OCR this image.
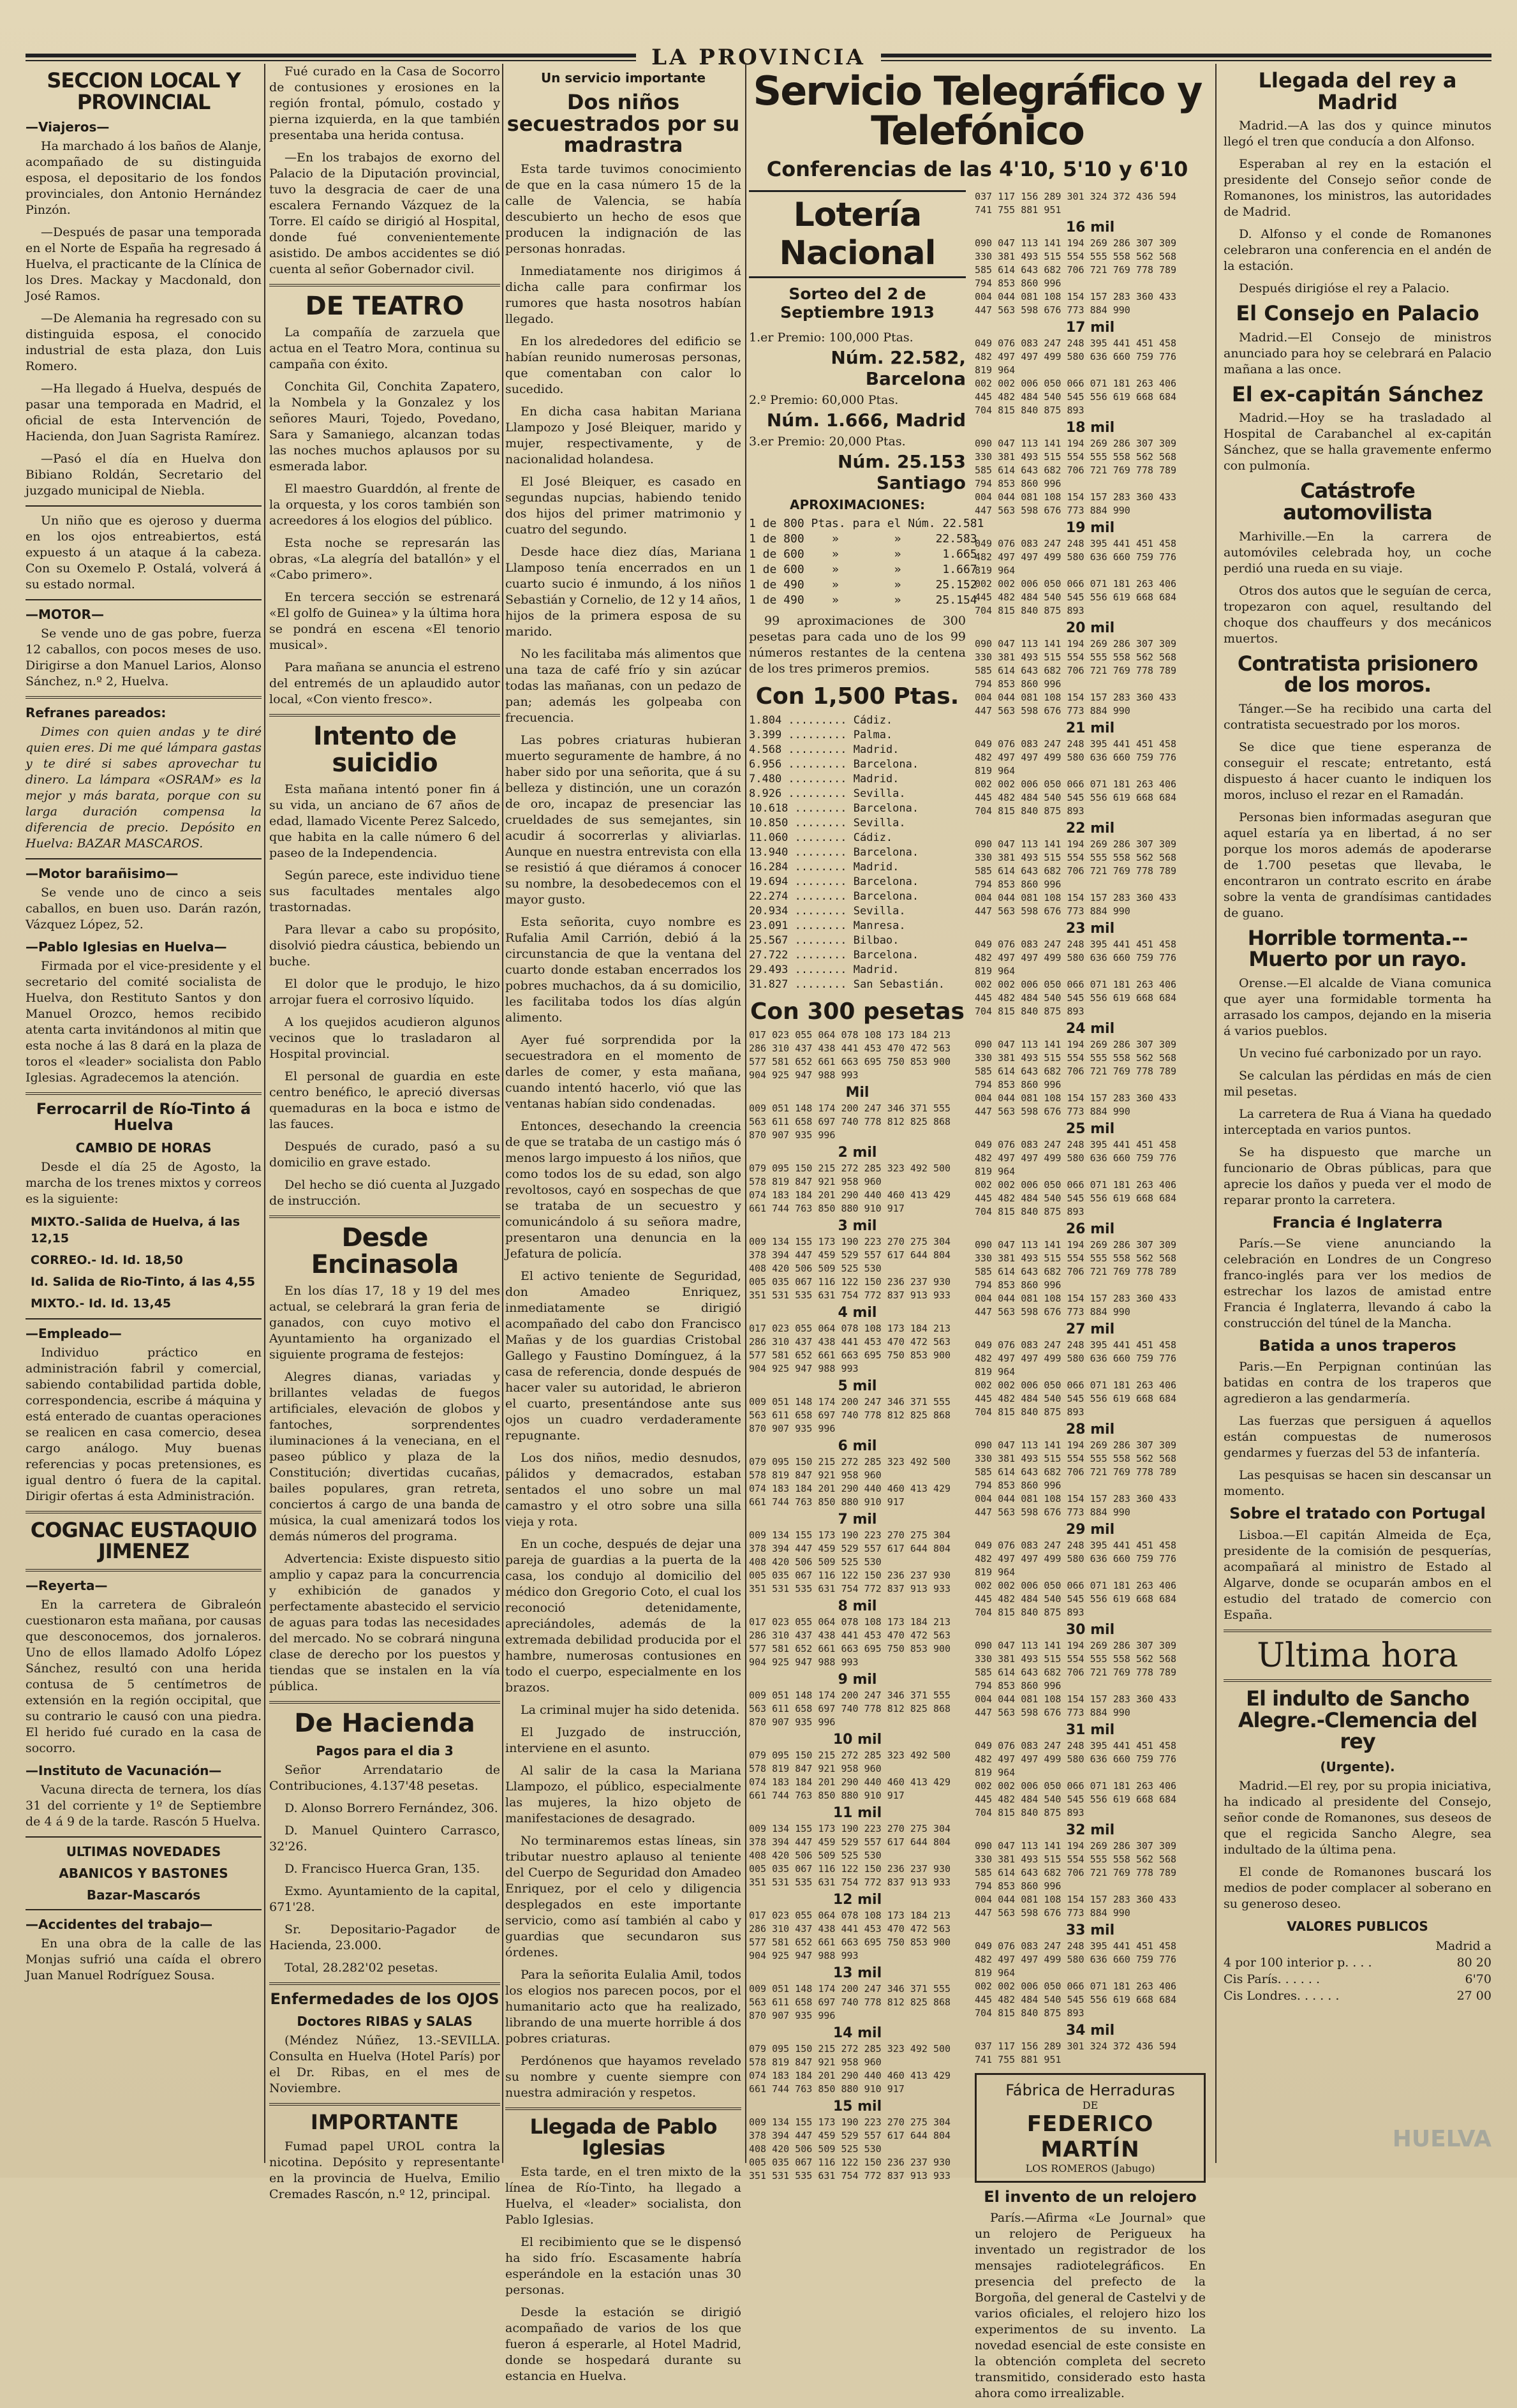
LA PROVINCIA
SECCION LOCAL Y PROVINCIAL
—Viajeros—

Ha marchado á los baños de Alanje, acompañado de su distinguida esposa, el depositario de los fondos provinciales, don Antonio Hernández Pinzón.

—Después de pasar una temporada en el Norte de España ha regresado á Huelva, el practicante de la Clínica de los Dres. Mackay y Macdonald, don José Ramos.

—De Alemania ha regresado con su distinguida esposa, el conocido industrial de esta plaza, don Luis Romero.

—Ha llegado á Huelva, después de pasar una temporada en Madrid, el oficial de esta Intervención de Hacienda, don Juan Sagrista Ramírez.

—Pasó el día en Huelva don Bibiano Roldán, Secretario del juzgado municipal de Niebla.

Un niño que es ojeroso y duerma en los ojos entreabiertos, está expuesto á un ataque á la cabeza. Con su Oxemelo P. Ostalá, volverá á su estado normal.

—MOTOR—

Se vende uno de gas pobre, fuerza 12 caballos, con pocos meses de uso. Dirigirse a don Manuel Larios, Alonso Sánchez, n.º 2, Huelva.

Refranes pareados:

Dimes con quien andas y te diré quien eres. Di me qué lámpara gastas y te diré si sabes aprovechar tu dinero. La lámpara «OSRAM» es la mejor y más barata, porque con su larga duración compensa la diferencia de precio. Depósito en Huelva: BAZAR MASCAROS.

—Motor barañisimo—

Se vende uno de cinco a seis caballos, en buen uso. Darán razón, Vázquez López, 52.

—Pablo Iglesias en Huelva—

Firmada por el vice-presidente y el secretario del comité socialista de Huelva, don Restituto Santos y don Manuel Orozco, hemos recibido atenta carta invitándonos al mitin que esta noche á las 8 dará en la plaza de toros el «leader» socialista don Pablo Iglesias. Agradecemos la atención.

Ferrocarril de Río-Tinto á Huelva
CAMBIO DE HORAS

Desde el día 25 de Agosto, la marcha de los trenes mixtos y correos es la siguiente:

MIXTO.-Salida de Huelva, á las 12,15
CORREO.- Id. Id. 18,50
Id. Salida de Rio-Tinto, á las 4,55
MIXTO.- Id. Id. 13,45
—Empleado—

Individuo práctico en administración fabril y comercial, sabiendo contabilidad partida doble, correspondencia, escribe á máquina y está enterado de cuantas operaciones se realicen en casa comercio, desea cargo análogo. Muy buenas referencias y pocas pretensiones, es igual dentro ó fuera de la capital. Dirigir ofertas á esta Administración.

COGNAC EUSTAQUIO JIMENEZ
—Reyerta—

En la carretera de Gibraleón cuestionaron esta mañana, por causas que desconocemos, dos jornaleros. Uno de ellos llamado Adolfo López Sánchez, resultó con una herida contusa de 5 centímetros de extensión en la región occipital, que su contrario le causó con una piedra. El herido fué curado en la casa de socorro.

—Instituto de Vacunación—

Vacuna directa de ternera, los días 31 del corriente y 1º de Septiembre de 4 á 9 de la tarde. Rascón 5 Huelva.

ULTIMAS NOVEDADES
ABANICOS Y BASTONES
Bazar-Mascarós
—Accidentes del trabajo—

En una obra de la calle de las Monjas sufrió una caída el obrero Juan Manuel Rodríguez Sousa.

Fué curado en la Casa de Socorro de contusiones y erosiones en la región frontal, pómulo, costado y pierna izquierda, en la que también presentaba una herida contusa.

—En los trabajos de exorno del Palacio de la Diputación provincial, tuvo la desgracia de caer de una escalera Fernando Vázquez de la Torre. El caído se dirigió al Hospital, donde fué convenientemente asistido. De ambos accidentes se dió cuenta al señor Gobernador civil.

DE TEATRO

La compañía de zarzuela que actua en el Teatro Mora, continua su campaña con éxito.

Conchita Gil, Conchita Zapatero, la Nombela y la Gonzalez y los señores Mauri, Tojedo, Povedano, Sara y Samaniego, alcanzan todas las noches muchos aplausos por su esmerada labor.

El maestro Guarddón, al frente de la orquesta, y los coros también son acreedores á los elogios del público.

Esta noche se represarán las obras, «La alegría del batallón» y el «Cabo primero».

En tercera sección se estrenará «El golfo de Guinea» y la última hora se pondrá en escena «El tenorio musical».

Para mañana se anuncia el estreno del entremés de un aplaudido autor local, «Con viento fresco».

Intento de suicidio

Esta mañana intentó poner fin á su vida, un anciano de 67 años de edad, llamado Vicente Perez Salcedo, que habita en la calle número 6 del paseo de la Independencia.

Según parece, este individuo tiene sus facultades mentales algo trastornadas.

Para llevar a cabo su propósito, disolvió piedra cáustica, bebiendo un buche.

El dolor que le produjo, le hizo arrojar fuera el corrosivo líquido.

A los quejidos acudieron algunos vecinos que lo trasladaron al Hospital provincial.

El personal de guardia en este centro benéfico, le apreció diversas quemaduras en la boca e istmo de las fauces.

Después de curado, pasó a su domicilio en grave estado.

Del hecho se dió cuenta al Juzgado de instrucción.

Desde Encinasola

En los días 17, 18 y 19 del mes actual, se celebrará la gran feria de ganados, con cuyo motivo el Ayuntamiento ha organizado el siguiente programa de festejos:

Alegres dianas, variadas y brillantes veladas de fuegos artificiales, elevación de globos y fantoches, sorprendentes iluminaciones á la veneciana, en el paseo público y plaza de la Constitución; divertidas cucañas, bailes populares, gran retreta, conciertos á cargo de una banda de música, la cual amenizará todos los demás números del programa.

Advertencia: Existe dispuesto sitio amplio y capaz para la concurrencia y exhibición de ganados y perfectamente abastecido el servicio de aguas para todas las necesidades del mercado. No se cobrará ninguna clase de derecho por los puestos y tiendas que se instalen en la vía pública.

De Hacienda
Pagos para el dia 3

Señor Arrendatario de Contribuciones, 4.137'48 pesetas.

D. Alonso Borrero Fernández, 306.

D. Manuel Quintero Carrasco, 32'26.

D. Francisco Huerca Gran, 135.

Exmo. Ayuntamiento de la capital, 671'28.

Sr. Depositario-Pagador de Hacienda, 23.000.

Total, 28.282'02 pesetas.

Enfermedades de los OJOS
Doctores RIBAS y SALAS

(Méndez Núñez, 13.-SEVILLA. Consulta en Huelva (Hotel París) por el Dr. Ribas, en el mes de Noviembre.

IMPORTANTE

Fumad papel UROL contra la nicotina. Depósito y representante en la provincia de Huelva, Emilio Cremades Rascón, n.º 12, principal.

Un servicio importante
Dos niños secuestrados por su madrastra

Esta tarde tuvimos conocimiento de que en la casa número 15 de la calle de Valencia, se había descubierto un hecho de esos que producen la indignación de las personas honradas.

Inmediatamente nos dirigimos á dicha calle para confirmar los rumores que hasta nosotros habían llegado.

En los alrededores del edificio se habían reunido numerosas personas, que comentaban con calor lo sucedido.

En dicha casa habitan Mariana Llampozo y José Bleiquer, marido y mujer, respectivamente, y de nacionalidad holandesa.

El José Bleiquer, es casado en segundas nupcias, habiendo tenido dos hijos del primer matrimonio y cuatro del segundo.

Desde hace diez días, Mariana Llamposo tenía encerrados en un cuarto sucio é inmundo, á los niños Sebastián y Cornelio, de 12 y 14 años, hijos de la primera esposa de su marido.

No les facilitaba más alimentos que una taza de café frío y sin azúcar todas las mañanas, con un pedazo de pan; además les golpeaba con frecuencia.

Las pobres criaturas hubieran muerto seguramente de hambre, á no haber sido por una señorita, que á su belleza y distinción, une un corazón de oro, incapaz de presenciar las crueldades de sus semejantes, sin acudir á socorrerlas y aliviarlas. Aunque en nuestra entrevista con ella se resistió á que diéramos á conocer su nombre, la desobedecemos con el mayor gusto.

Esta señorita, cuyo nombre es Rufalia Amil Carrión, debió á la circunstancia de que la ventana del cuarto donde estaban encerrados los pobres muchachos, da á su domicilio, les facilitaba todos los días algún alimento.

Ayer fué sorprendida por la secuestradora en el momento de darles de comer, y esta mañana, cuando intentó hacerlo, vió que las ventanas habían sido condenadas.

Entonces, desechando la creencia de que se trataba de un castigo más ó menos largo impuesto á los niños, que como todos los de su edad, son algo revoltosos, cayó en sospechas de que se trataba de un secuestro y comunicándolo á su señora madre, presentaron una denuncia en la Jefatura de policía.

El activo teniente de Seguridad, don Amadeo Enriquez, inmediatamente se dirigió acompañado del cabo don Francisco Mañas y de los guardias Cristobal Gallego y Faustino Domínguez, á la casa de referencia, donde después de hacer valer su autoridad, le abrieron el cuarto, presentándose ante sus ojos un cuadro verdaderamente repugnante.

Los dos niños, medio desnudos, pálidos y demacrados, estaban sentados el uno sobre un mal camastro y el otro sobre una silla vieja y rota.

En un coche, después de dejar una pareja de guardias a la puerta de la casa, los condujo al domicilio del médico don Gregorio Coto, el cual los reconoció detenidamente, apreciándoles, además de la extremada debilidad producida por el hambre, numerosas contusiones en todo el cuerpo, especialmente en los brazos.

La criminal mujer ha sido detenida.

El Juzgado de instrucción, interviene en el asunto.

Al salir de la casa la Mariana Llampozo, el público, especialmente las mujeres, la hizo objeto de manifestaciones de desagrado.

No terminaremos estas líneas, sin tributar nuestro aplauso al teniente del Cuerpo de Seguridad don Amadeo Enriquez, por el celo y diligencia desplegados en este importante servicio, como así también al cabo y guardias que secundaron sus órdenes.

Para la señorita Eulalia Amil, todos los elogios nos parecen pocos, por el humanitario acto que ha realizado, librando de una muerte horrible á dos pobres criaturas.

Perdónenos que hayamos revelado su nombre y cuente siempre con nuestra admiración y respetos.

Llegada de Pablo Iglesias

Esta tarde, en el tren mixto de la línea de Río-Tinto, ha llegado a Huelva, el «leader» socialista, don Pablo Iglesias.

El recibimiento que se le dispensó ha sido frío. Escasamente habría esperándole en la estación unas 30 personas.

Desde la estación se dirigió acompañado de varios de los que fueron á esperarle, al Hotel Madrid, donde se hospedará durante su estancia en Huelva.

Servicio Telegráfico y Telefónico
Conferencias de las 4'10, 5'10 y 6'10
Lotería Nacional
Sorteo del 2 de Septiembre 1913
1.er Premio: 100,000 Ptas.
Núm. 22.582, Barcelona
2.º Premio: 60,000 Ptas.
Núm. 1.666, Madrid
3.er Premio: 20,000 Ptas.
Núm. 25.153 Santiago
APROXIMACIONES:
1 de 800 Ptas. para el Núm. 22.581
1 de 800    »        »     22.583
1 de 600    »        »      1.665
1 de 600    »        »      1.667
1 de 490    »        »     25.152
1 de 490    »        »     25.154

99 aproximaciones de 300 pesetas para cada uno de los 99 números restantes de la centena de los tres primeros premios.

Con 1,500 Ptas.
1.804 ......... Cádiz.
3.399 ......... Palma.
4.568 ......... Madrid.
6.956 ......... Barcelona.
7.480 ......... Madrid.
8.926 ......... Sevilla.
10.618 ........ Barcelona.
10.850 ........ Sevilla.
11.060 ........ Cádiz.
13.940 ........ Barcelona.
16.284 ........ Madrid.
19.694 ........ Barcelona.
22.274 ........ Barcelona.
20.934 ........ Sevilla.
23.091 ........ Manresa.
25.567 ........ Bilbao.
27.722 ........ Barcelona.
29.493 ........ Madrid.
31.827 ........ San Sebastián.
Con 300 pesetas
017 023 055 064 078 108 173 184 213
286 310 437 438 441 453 470 472 563
577 581 652 661 663 695 750 853 900
904 925 947 988 993
Mil
009 051 148 174 200 247 346 371 555
563 611 658 697 740 778 812 825 868
870 907 935 996
2 mil
079 095 150 215 272 285 323 492 500
578 819 847 921 958 960
074 183 184 201 290 440 460 413 429
661 744 763 850 880 910 917
3 mil
009 134 155 173 190 223 270 275 304
378 394 447 459 529 557 617 644 804
408 420 506 509 525 530
005 035 067 116 122 150 236 237 930
351 531 535 631 754 772 837 913 933
4 mil
017 023 055 064 078 108 173 184 213
286 310 437 438 441 453 470 472 563
577 581 652 661 663 695 750 853 900
904 925 947 988 993
5 mil
009 051 148 174 200 247 346 371 555
563 611 658 697 740 778 812 825 868
870 907 935 996
6 mil
079 095 150 215 272 285 323 492 500
578 819 847 921 958 960
074 183 184 201 290 440 460 413 429
661 744 763 850 880 910 917
7 mil
009 134 155 173 190 223 270 275 304
378 394 447 459 529 557 617 644 804
408 420 506 509 525 530
005 035 067 116 122 150 236 237 930
351 531 535 631 754 772 837 913 933
8 mil
017 023 055 064 078 108 173 184 213
286 310 437 438 441 453 470 472 563
577 581 652 661 663 695 750 853 900
904 925 947 988 993
9 mil
009 051 148 174 200 247 346 371 555
563 611 658 697 740 778 812 825 868
870 907 935 996
10 mil
079 095 150 215 272 285 323 492 500
578 819 847 921 958 960
074 183 184 201 290 440 460 413 429
661 744 763 850 880 910 917
11 mil
009 134 155 173 190 223 270 275 304
378 394 447 459 529 557 617 644 804
408 420 506 509 525 530
005 035 067 116 122 150 236 237 930
351 531 535 631 754 772 837 913 933
12 mil
017 023 055 064 078 108 173 184 213
286 310 437 438 441 453 470 472 563
577 581 652 661 663 695 750 853 900
904 925 947 988 993
13 mil
009 051 148 174 200 247 346 371 555
563 611 658 697 740 778 812 825 868
870 907 935 996
14 mil
079 095 150 215 272 285 323 492 500
578 819 847 921 958 960
074 183 184 201 290 440 460 413 429
661 744 763 850 880 910 917
15 mil
009 134 155 173 190 223 270 275 304
378 394 447 459 529 557 617 644 804
408 420 506 509 525 530
005 035 067 116 122 150 236 237 930
351 531 535 631 754 772 837 913 933
037 117 156 289 301 324 372 436 594
741 755 881 951
16 mil
090 047 113 141 194 269 286 307 309
330 381 493 515 554 555 558 562 568
585 614 643 682 706 721 769 778 789
794 853 860 996
004 044 081 108 154 157 283 360 433
447 563 598 676 773 884 990
17 mil
049 076 083 247 248 395 441 451 458
482 497 497 499 580 636 660 759 776
819 964
002 002 006 050 066 071 181 263 406
445 482 484 540 545 556 619 668 684
704 815 840 875 893
18 mil
090 047 113 141 194 269 286 307 309
330 381 493 515 554 555 558 562 568
585 614 643 682 706 721 769 778 789
794 853 860 996
004 044 081 108 154 157 283 360 433
447 563 598 676 773 884 990
19 mil
049 076 083 247 248 395 441 451 458
482 497 497 499 580 636 660 759 776
819 964
002 002 006 050 066 071 181 263 406
445 482 484 540 545 556 619 668 684
704 815 840 875 893
20 mil
090 047 113 141 194 269 286 307 309
330 381 493 515 554 555 558 562 568
585 614 643 682 706 721 769 778 789
794 853 860 996
004 044 081 108 154 157 283 360 433
447 563 598 676 773 884 990
21 mil
049 076 083 247 248 395 441 451 458
482 497 497 499 580 636 660 759 776
819 964
002 002 006 050 066 071 181 263 406
445 482 484 540 545 556 619 668 684
704 815 840 875 893
22 mil
090 047 113 141 194 269 286 307 309
330 381 493 515 554 555 558 562 568
585 614 643 682 706 721 769 778 789
794 853 860 996
004 044 081 108 154 157 283 360 433
447 563 598 676 773 884 990
23 mil
049 076 083 247 248 395 441 451 458
482 497 497 499 580 636 660 759 776
819 964
002 002 006 050 066 071 181 263 406
445 482 484 540 545 556 619 668 684
704 815 840 875 893
24 mil
090 047 113 141 194 269 286 307 309
330 381 493 515 554 555 558 562 568
585 614 643 682 706 721 769 778 789
794 853 860 996
004 044 081 108 154 157 283 360 433
447 563 598 676 773 884 990
25 mil
049 076 083 247 248 395 441 451 458
482 497 497 499 580 636 660 759 776
819 964
002 002 006 050 066 071 181 263 406
445 482 484 540 545 556 619 668 684
704 815 840 875 893
26 mil
090 047 113 141 194 269 286 307 309
330 381 493 515 554 555 558 562 568
585 614 643 682 706 721 769 778 789
794 853 860 996
004 044 081 108 154 157 283 360 433
447 563 598 676 773 884 990
27 mil
049 076 083 247 248 395 441 451 458
482 497 497 499 580 636 660 759 776
819 964
002 002 006 050 066 071 181 263 406
445 482 484 540 545 556 619 668 684
704 815 840 875 893
28 mil
090 047 113 141 194 269 286 307 309
330 381 493 515 554 555 558 562 568
585 614 643 682 706 721 769 778 789
794 853 860 996
004 044 081 108 154 157 283 360 433
447 563 598 676 773 884 990
29 mil
049 076 083 247 248 395 441 451 458
482 497 497 499 580 636 660 759 776
819 964
002 002 006 050 066 071 181 263 406
445 482 484 540 545 556 619 668 684
704 815 840 875 893
30 mil
090 047 113 141 194 269 286 307 309
330 381 493 515 554 555 558 562 568
585 614 643 682 706 721 769 778 789
794 853 860 996
004 044 081 108 154 157 283 360 433
447 563 598 676 773 884 990
31 mil
049 076 083 247 248 395 441 451 458
482 497 497 499 580 636 660 759 776
819 964
002 002 006 050 066 071 181 263 406
445 482 484 540 545 556 619 668 684
704 815 840 875 893
32 mil
090 047 113 141 194 269 286 307 309
330 381 493 515 554 555 558 562 568
585 614 643 682 706 721 769 778 789
794 853 860 996
004 044 081 108 154 157 283 360 433
447 563 598 676 773 884 990
33 mil
049 076 083 247 248 395 441 451 458
482 497 497 499 580 636 660 759 776
819 964
002 002 006 050 066 071 181 263 406
445 482 484 540 545 556 619 668 684
704 815 840 875 893
34 mil
037 117 156 289 301 324 372 436 594
741 755 881 951
Fábrica de Herraduras
DE
FEDERICO MARTÍN
LOS ROMEROS (Jabugo)
El invento de un relojero

París.—Afirma «Le Journal» que un relojero de Perigueux ha inventado un registrador de los mensajes radiotelegráficos. En presencia del prefecto de la Borgoña, del general de Castelvi y de varios oficiales, el relojero hizo los experimentos de su invento. La novedad esencial de este consiste en la obtención completa del secreto transmitido, considerado esto hasta ahora como irrealizable.

Llegada del rey a Madrid

Madrid.—A las dos y quince minutos llegó el tren que conducía a don Alfonso.

Esperaban al rey en la estación el presidente del Consejo señor conde de Romanones, los ministros, las autoridades de Madrid.

D. Alfonso y el conde de Romanones celebraron una conferencia en el andén de la estación.

Después dirigióse el rey a Palacio.

El Consejo en Palacio

Madrid.—El Consejo de ministros anunciado para hoy se celebrará en Palacio mañana a las once.

El ex-capitán Sánchez

Madrid.—Hoy se ha trasladado al Hospital de Carabanchel al ex-capitán Sánchez, que se halla gravemente enfermo con pulmonía.

Catástrofe automovilista

Marhiville.—En la carrera de automóviles celebrada hoy, un coche perdió una rueda en su viaje.

Otros dos autos que le seguían de cerca, tropezaron con aquel, resultando del choque dos chauffeurs y dos mecánicos muertos.

Contratista prisionero de los moros.

Tánger.—Se ha recibido una carta del contratista secuestrado por los moros.

Se dice que tiene esperanza de conseguir el rescate; entretanto, está dispuesto á hacer cuanto le indiquen los moros, incluso el rezar en el Ramadán.

Personas bien informadas aseguran que aquel estaría ya en libertad, á no ser porque los moros además de apoderarse de 1.700 pesetas que llevaba, le encontraron un contrato escrito en árabe sobre la venta de grandísimas cantidades de guano.

Horrible tormenta.--Muerto por un rayo.

Orense.—El alcalde de Viana comunica que ayer una formidable tormenta ha arrasado los campos, dejando en la miseria á varios pueblos.

Un vecino fué carbonizado por un rayo.

Se calculan las pérdidas en más de cien mil pesetas.

La carretera de Rua á Viana ha quedado interceptada en varios puntos.

Se ha dispuesto que marche un funcionario de Obras públicas, para que aprecie los daños y pueda ver el modo de reparar pronto la carretera.

Francia é Inglaterra

París.—Se viene anunciando la celebración en Londres de un Congreso franco-inglés para ver los medios de estrechar los lazos de amistad entre Francia é Inglaterra, llevando á cabo la construcción del túnel de la Mancha.

Batida a unos traperos

Paris.—En Perpignan continúan las batidas en contra de los traperos que agredieron a las gendarmería.

Las fuerzas que persiguen á aquellos están compuestas de numerosos gendarmes y fuerzas del 53 de infantería.

Las pesquisas se hacen sin descansar un momento.

Sobre el tratado con Portugal

Lisboa.—El capitán Almeida de Eça, presidente de la comisión de pesquerías, acompañará al ministro de Estado al Algarve, donde se ocuparán ambos en el estudio del tratado de comercio con España.

Ultima hora
El indulto de Sancho Alegre.-Clemencia del rey
(Urgente).

Madrid.—El rey, por su propia iniciativa, ha indicado al presidente del Consejo, señor conde de Romanones, sus deseos de que el regicida Sancho Alegre, sea indultado de la última pena.

El conde de Romanones buscará los medios de poder complacer al soberano en su generoso deseo.

VALORES PUBLICOS
Madrid a
4 por 100 interior p. . . .	80 20
Cis París. . . . . .	6'70
Cis Londres. . . . . .	27 00
HUELVA
